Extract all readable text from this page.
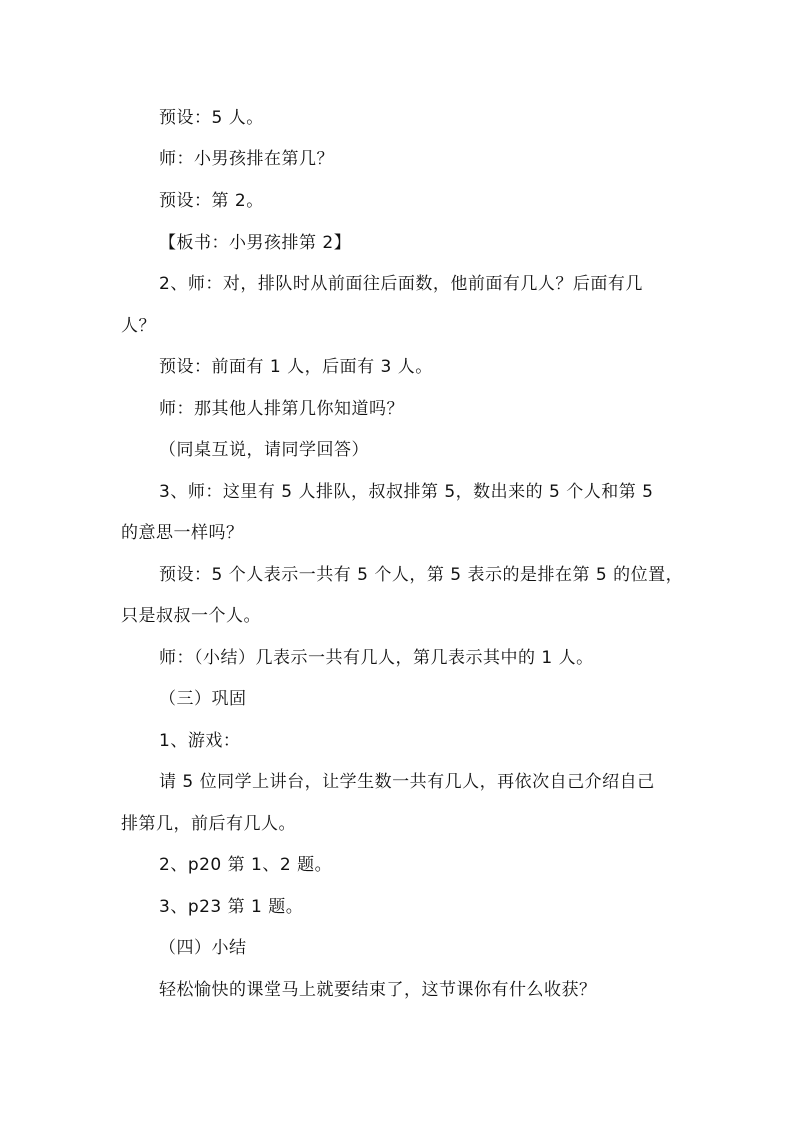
预设：5 人。
师：小男孩排在第几？
预设：第 2。
【板书：小男孩排第 2】
2、师：对，排队时从前面往后面数，他前面有几人？后面有几
人？
预设：前面有 1 人，后面有 3 人。
师：那其他人排第几你知道吗？
（同桌互说，请同学回答）
3、师：这里有 5 人排队，叔叔排第 5，数出来的 5 个人和第 5
的意思一样吗？
预设：5 个人表示一共有 5 个人，第 5 表示的是排在第 5 的位置，
只是叔叔一个人。
师：（小结）几表示一共有几人，第几表示其中的 1 人。
（三）巩固
1、游戏：
请 5 位同学上讲台，让学生数一共有几人，再依次自己介绍自己
排第几，前后有几人。
2、p20 第 1、2 题。
3、p23 第 1 题。
（四）小结
轻松愉快的课堂马上就要结束了，这节课你有什么收获？
